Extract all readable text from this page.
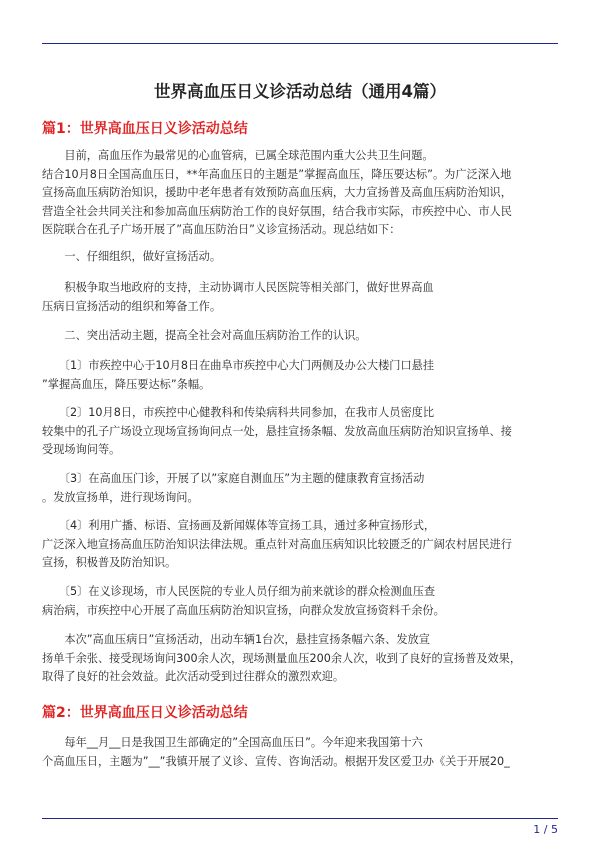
世界高血压日义诊活动总结（通用4篇）
篇1：世界高血压日义诊活动总结
　　目前，高血压作为最常见的心血管病，已属全球范围内重大公共卫生问题。
结合10月8日全国高血压日，**年高血压日的主题是”掌握高血压，降压要达标”。为广泛深入地
宣扬高血压病防治知识，援助中老年患者有效预防高血压病，大力宣扬普及高血压病防治知识，
营造全社会共同关注和参加高血压病防治工作的良好氛围，结合我市实际，市疾控中心、市人民
医院联合在孔子广场开展了”高血压防治日”义诊宣扬活动。现总结如下：
　　一、仔细组织，做好宣扬活动。
　　积极争取当地政府的支持，主动协调市人民医院等相关部门，做好世界高血
压病日宣扬活动的组织和筹备工作。
　　二、突出活动主题，提高全社会对高血压病防治工作的认识。
　　〔1〕市疾控中心于10月8日在曲阜市疾控中心大门两侧及办公大楼门口悬挂
”掌握高血压，降压要达标”条幅。
　　〔2〕10月8日，市疾控中心健教科和传染病科共同参加，在我市人员密度比
较集中的孔子广场设立现场宣扬询问点一处，悬挂宣扬条幅、发放高血压病防治知识宣扬单、接
受现场询问等。
　　〔3〕在高血压门诊，开展了以”家庭自测血压”为主题的健康教育宣扬活动
。发放宣扬单，进行现场询问。
　　〔4〕利用广播、标语、宣扬画及新闻媒体等宣扬工具，通过多种宣扬形式，
广泛深入地宣扬高血压防治知识法律法规。重点针对高血压病知识比较匮乏的广阔农村居民进行
宣扬，积极普及防治知识。
　　〔5〕在义诊现场，市人民医院的专业人员仔细为前来就诊的群众检测血压查
病治病，市疾控中心开展了高血压病防治知识宣扬，向群众发放宣扬资料千余份。
　　本次”高血压病日”宣扬活动，出动车辆1台次，悬挂宣扬条幅六条、发放宣
扬单千余张、接受现场询问300余人次，现场测量血压200余人次，收到了良好的宣扬普及效果，
取得了良好的社会效益。此次活动受到过往群众的激烈欢迎。
篇2：世界高血压日义诊活动总结
　　每年__月__日是我国卫生部确定的”全国高血压日”。今年迎来我国第十六
个高血压日，主题为”__”我镇开展了义诊、宣传、咨询活动。根据开发区爱卫办《关于开展20_
1 / 5
